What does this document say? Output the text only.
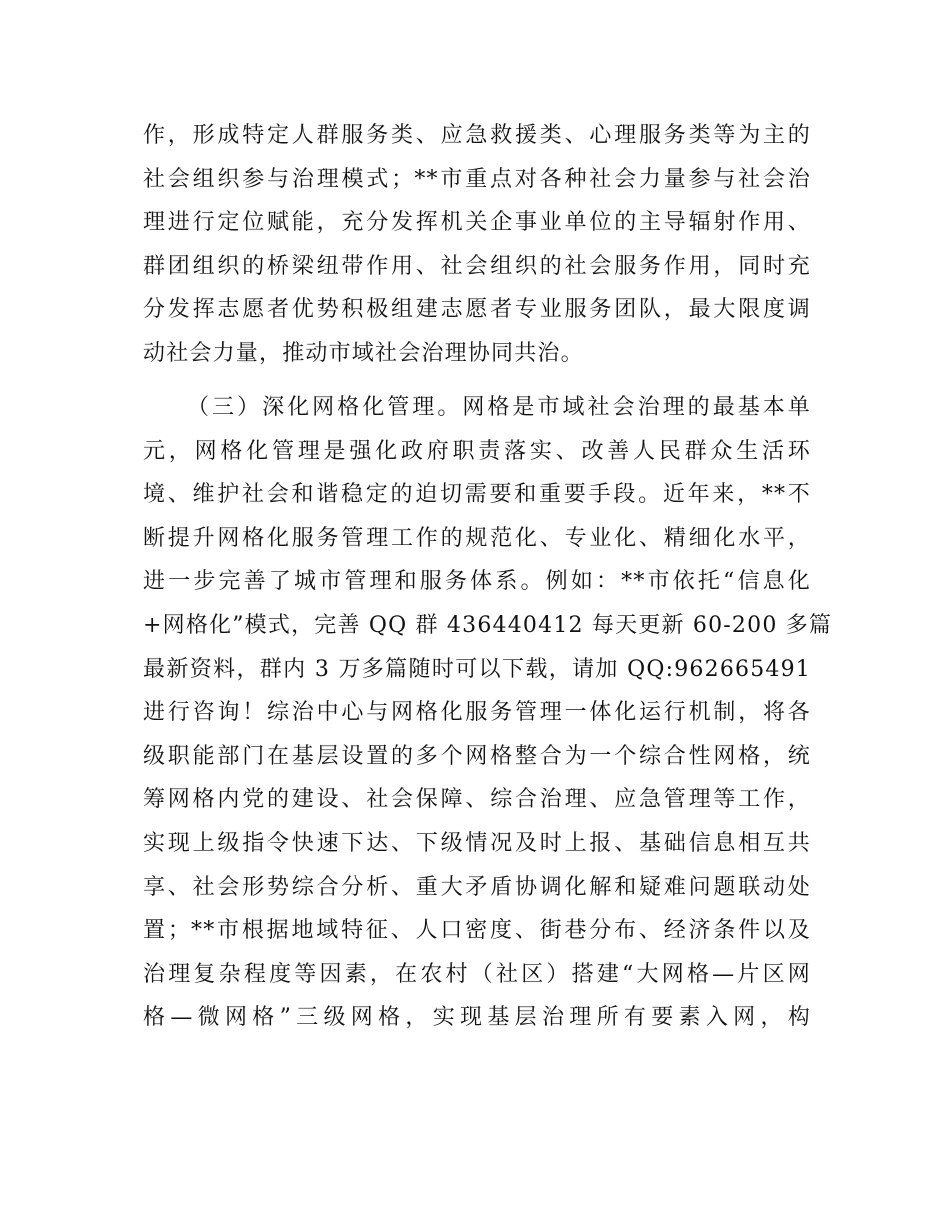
作，形成特定人群服务类、应急救援类、心理服务类等为主的
社会组织参与治理模式；**市重点对各种社会力量参与社会治
理进行定位赋能，充分发挥机关企事业单位的主导辐射作用、
群团组织的桥梁纽带作用、社会组织的社会服务作用，同时充
分发挥志愿者优势积极组建志愿者专业服务团队，最大限度调
动社会力量，推动市域社会治理协同共治。
（三）深化网格化管理。网格是市域社会治理的最基本单
元，网格化管理是强化政府职责落实、改善人民群众生活环
境、维护社会和谐稳定的迫切需要和重要手段。近年来，**不
断提升网格化服务管理工作的规范化、专业化、精细化水平，
进一步完善了城市管理和服务体系。例如：**市依托“信息化
+网格化”模式，完善 QQ 群 436440412 每天更新 60-200 多篇
最新资料，群内 3 万多篇随时可以下载，请加 QQ:962665491
进行咨询！综治中心与网格化服务管理一体化运行机制，将各
级职能部门在基层设置的多个网格整合为一个综合性网格，统
筹网格内党的建设、社会保障、综合治理、应急管理等工作，
实现上级指令快速下达、下级情况及时上报、基础信息相互共
享、社会形势综合分析、重大矛盾协调化解和疑难问题联动处
置；**市根据地域特征、人口密度、街巷分布、经济条件以及
治理复杂程度等因素，在农村（社区）搭建“大网格—片区网
格—微网格”三级网格，实现基层治理所有要素入网，构
